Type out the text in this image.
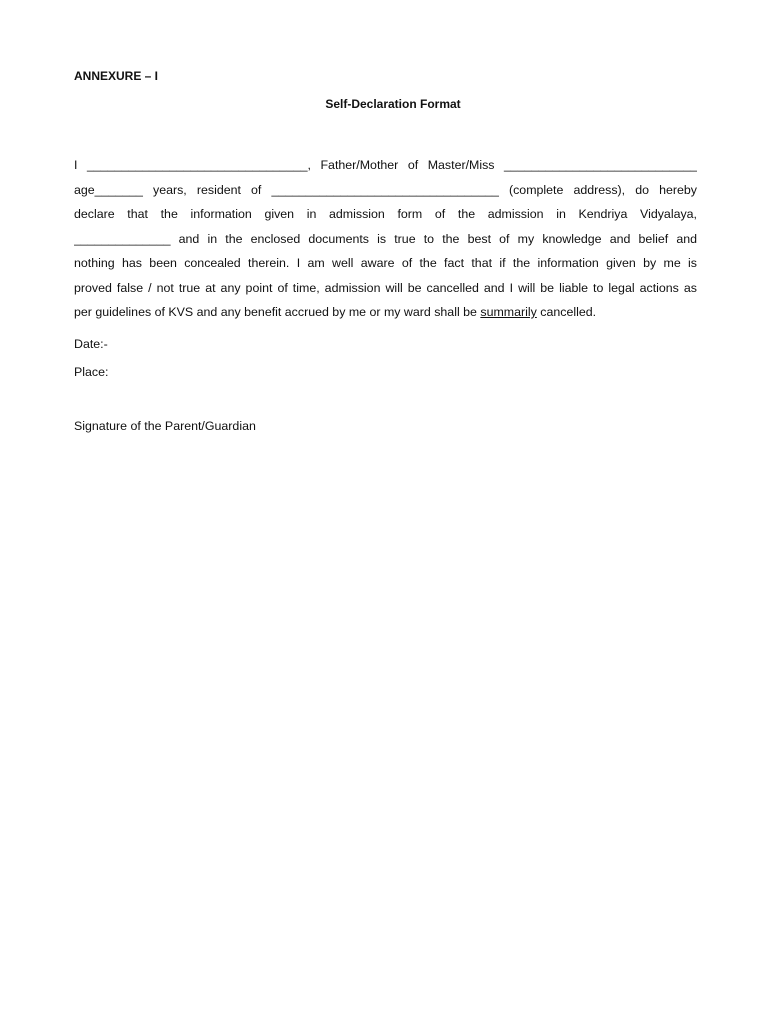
ANNEXURE – I
Self-Declaration Format
I ________________________________, Father/Mother of Master/Miss ____________________________
age_______ years, resident of _________________________________ (complete address), do hereby
declare that the information given in admission form of the admission in Kendriya Vidyalaya,
______________ and in the enclosed documents is true to the best of my knowledge and belief and
nothing has been concealed therein. I am well aware of the fact that if the information given by me is
proved false / not true at any point of time, admission will be cancelled and I will be liable to legal actions as
per guidelines of KVS and any benefit accrued by me or my ward shall be summarily cancelled.
Date:-
Place:
Signature of the Parent/Guardian
